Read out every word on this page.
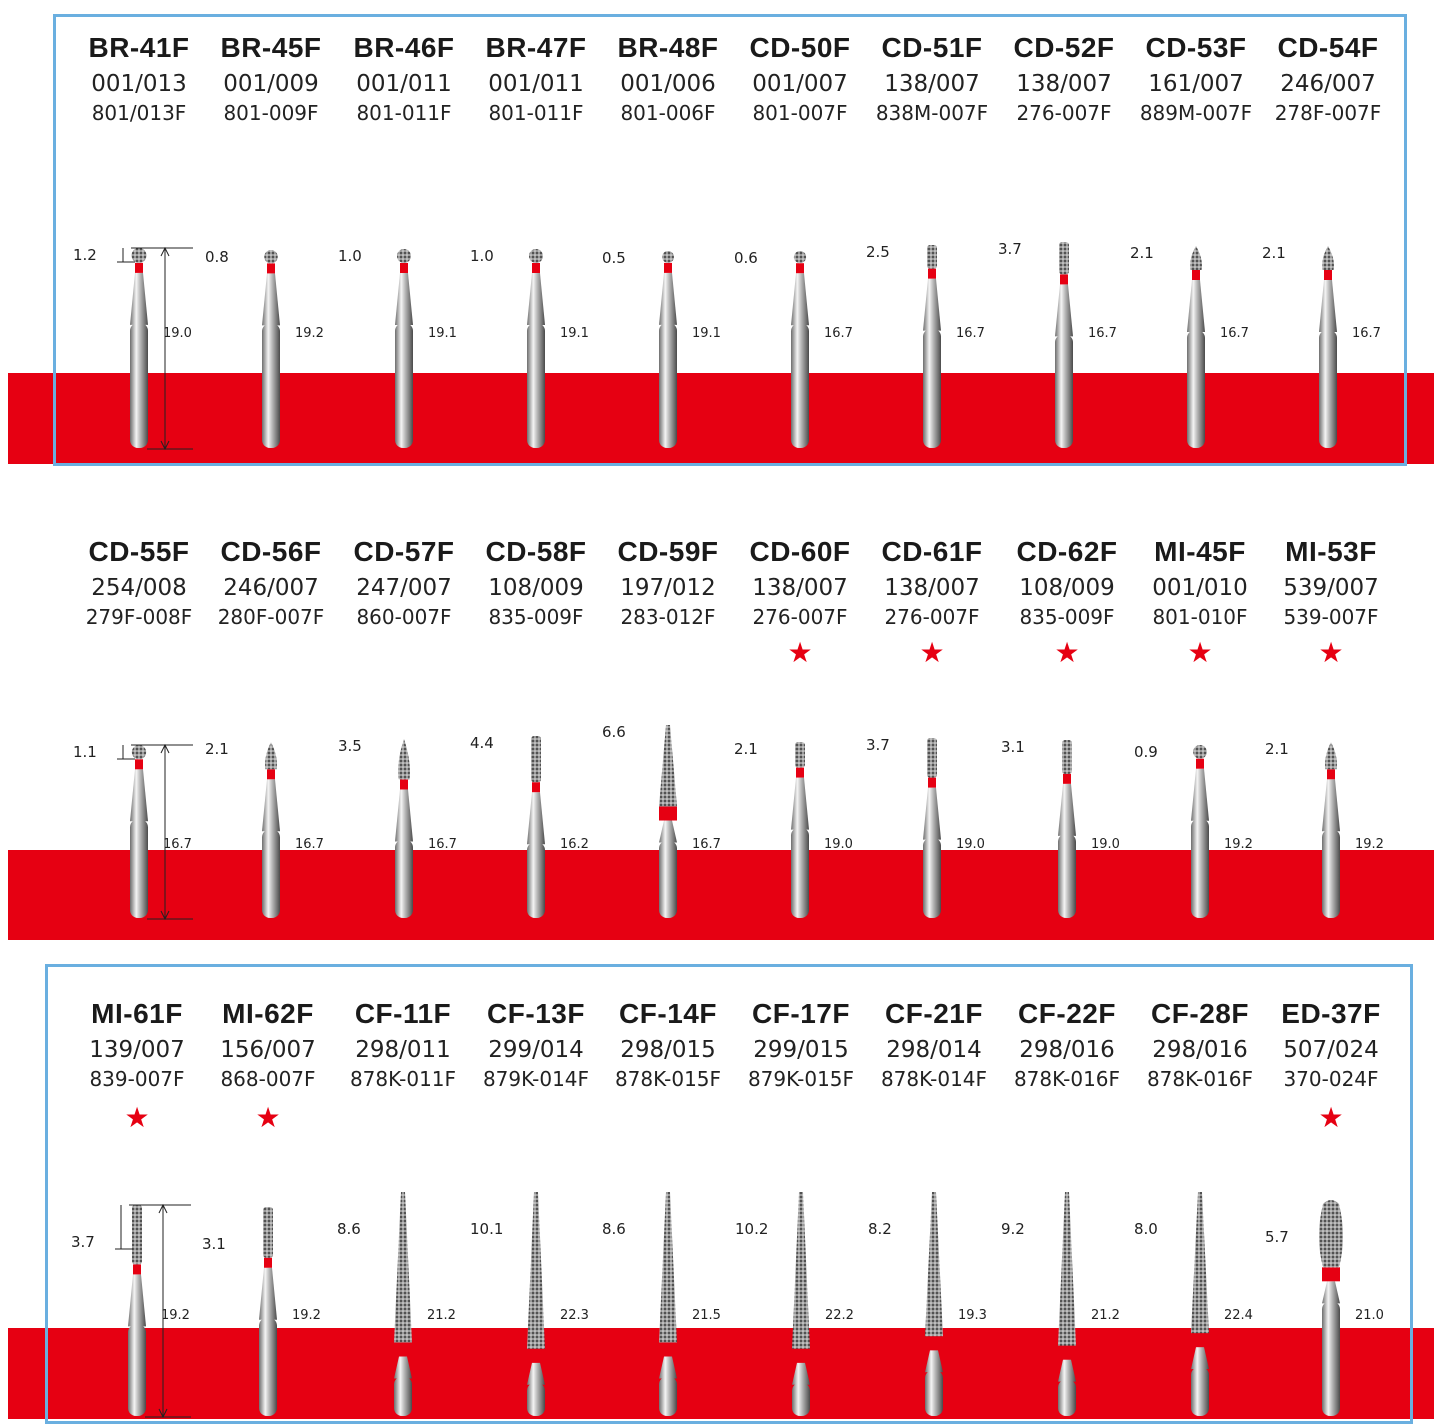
BR-41F
001/013
801/013F
1.2
19.0
BR-45F
001/009
801-009F
0.8
19.2
BR-46F
001/011
801-011F
1.0
19.1
BR-47F
001/011
801-011F
1.0
19.1
BR-48F
001/006
801-006F
0.5
19.1
CD-50F
001/007
801-007F
0.6
16.7
CD-51F
138/007
838M-007F
2.5
16.7
CD-52F
138/007
276-007F
3.7
16.7
CD-53F
161/007
889M-007F
2.1
16.7
CD-54F
246/007
278F-007F
2.1
16.7
CD-55F
254/008
279F-008F
1.1
16.7
CD-56F
246/007
280F-007F
2.1
16.7
CD-57F
247/007
860-007F
3.5
16.7
CD-58F
108/009
835-009F
4.4
16.2
CD-59F
197/012
283-012F
6.6
16.7
CD-60F
138/007
276-007F
★
2.1
19.0
CD-61F
138/007
276-007F
★
3.7
19.0
CD-62F
108/009
835-009F
★
3.1
19.0
MI-45F
001/010
801-010F
★
0.9
19.2
MI-53F
539/007
539-007F
★
2.1
19.2
MI-61F
139/007
839-007F
★
3.7
19.2
MI-62F
156/007
868-007F
★
3.1
19.2
CF-11F
298/011
878K-011F
8.6
21.2
CF-13F
299/014
879K-014F
10.1
22.3
CF-14F
298/015
878K-015F
8.6
21.5
CF-17F
299/015
879K-015F
10.2
22.2
CF-21F
298/014
878K-014F
8.2
19.3
CF-22F
298/016
878K-016F
9.2
21.2
CF-28F
298/016
878K-016F
8.0
22.4
ED-37F
507/024
370-024F
★
5.7
21.0
